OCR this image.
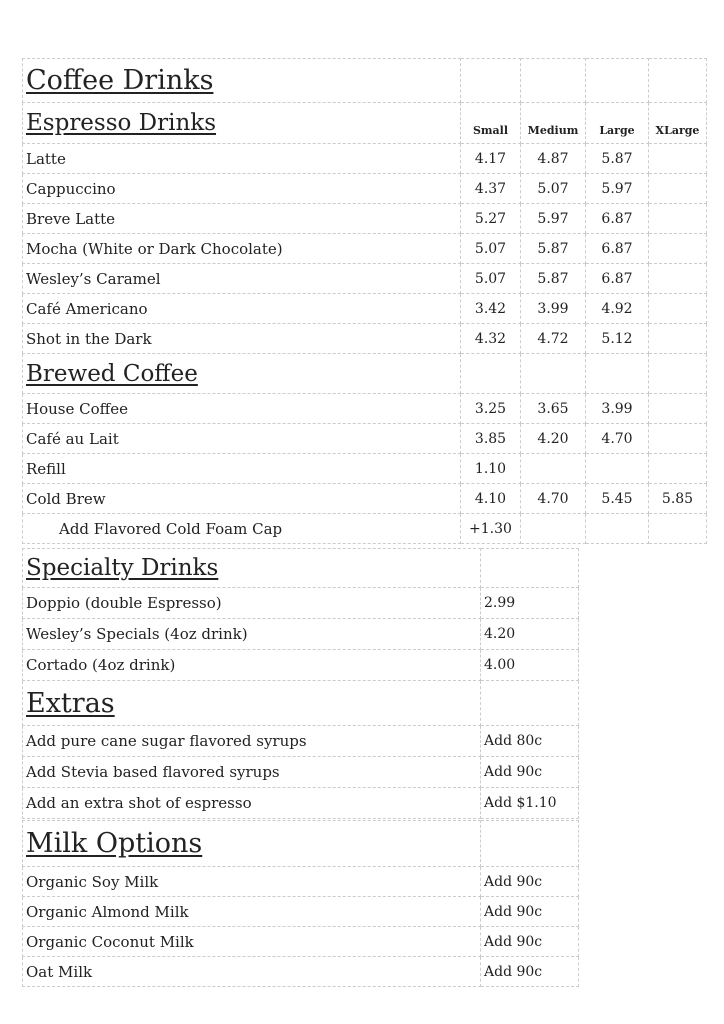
Coffee Drinks				
Espresso Drinks	Small	Medium	Large	XLarge
Latte	4.17	4.87	5.87	
Cappuccino	4.37	5.07	5.97	
Breve Latte	5.27	5.97	6.87	
Mocha (White or Dark Chocolate)	5.07	5.87	6.87	
Wesley’s Caramel	5.07	5.87	6.87	
Café Americano	3.42	3.99	4.92	
Shot in the Dark	4.32	4.72	5.12	
Brewed Coffee				
House Coffee	3.25	3.65	3.99	
Café au Lait	3.85	4.20	4.70	
Refill	1.10			
Cold Brew	4.10	4.70	5.45	5.85
Add Flavored Cold Foam Cap	+1.30			
Specialty Drinks	
Doppio (double Espresso)	2.99
Wesley’s Specials (4oz drink)	4.20
Cortado (4oz drink)	4.00
Extras	
Add pure cane sugar flavored syrups	Add 80c
Add Stevia based flavored syrups	Add 90c
Add an extra shot of espresso	Add $1.10
Milk Options	
Organic Soy Milk	Add 90c
Organic Almond Milk	Add 90c
Organic Coconut Milk	Add 90c
Oat Milk	Add 90c
